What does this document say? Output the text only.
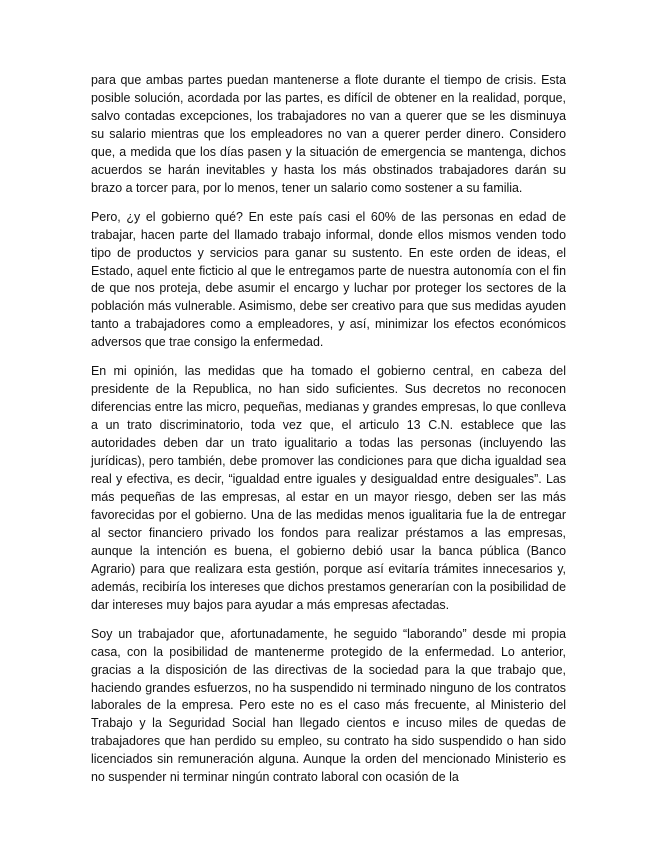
para que ambas partes puedan mantenerse a flote durante el tiempo de crisis. Esta posible solución, acordada por las partes, es difícil de obtener en la realidad, porque, salvo contadas excepciones, los trabajadores no van a querer que se les disminuya su salario mientras que los empleadores no van a querer perder dinero. Considero que, a medida que los días pasen y la situación de emergencia se mantenga, dichos acuerdos se harán inevitables y hasta los más obstinados trabajadores darán su brazo a torcer para, por lo menos, tener un salario como sostener a su familia.

Pero, ¿y el gobierno qué? En este país casi el 60% de las personas en edad de trabajar, hacen parte del llamado trabajo informal, donde ellos mismos venden todo tipo de productos y servicios para ganar su sustento. En este orden de ideas, el Estado, aquel ente ficticio al que le entregamos parte de nuestra autonomía con el fin de que nos proteja, debe asumir el encargo y luchar por proteger los sectores de la población más vulnerable. Asimismo, debe ser creativo para que sus medidas ayuden tanto a trabajadores como a empleadores, y así, minimizar los efectos económicos adversos que trae consigo la enfermedad.

En mi opinión, las medidas que ha tomado el gobierno central, en cabeza del presidente de la Republica, no han sido suficientes. Sus decretos no reconocen diferencias entre las micro, pequeñas, medianas y grandes empresas, lo que conlleva a un trato discriminatorio, toda vez que, el articulo 13 C.N. establece que las autoridades deben dar un trato igualitario a todas las personas (incluyendo las jurídicas), pero también, debe promover las condiciones para que dicha igualdad sea real y efectiva, es decir, “igualdad entre iguales y desigualdad entre desiguales”. Las más pequeñas de las empresas, al estar en un mayor riesgo, deben ser las más favorecidas por el gobierno. Una de las medidas menos igualitaria fue la de entregar al sector financiero privado los fondos para realizar préstamos a las empresas, aunque la intención es buena, el gobierno debió usar la banca pública (Banco Agrario) para que realizara esta gestión, porque así evitaría trámites innecesarios y, además, recibiría los intereses que dichos prestamos generarían con la posibilidad de dar intereses muy bajos para ayudar a más empresas afectadas.

Soy un trabajador que, afortunadamente, he seguido “laborando” desde mi propia casa, con la posibilidad de mantenerme protegido de la enfermedad. Lo anterior, gracias a la disposición de las directivas de la sociedad para la que trabajo que, haciendo grandes esfuerzos, no ha suspendido ni terminado ninguno de los contratos laborales de la empresa. Pero este no es el caso más frecuente, al Ministerio del Trabajo y la Seguridad Social han llegado cientos e incuso miles de quedas de trabajadores que han perdido su empleo, su contrato ha sido suspendido o han sido licenciados sin remuneración alguna. Aunque la orden del mencionado Ministerio es no suspender ni terminar ningún contrato laboral con ocasión de la
